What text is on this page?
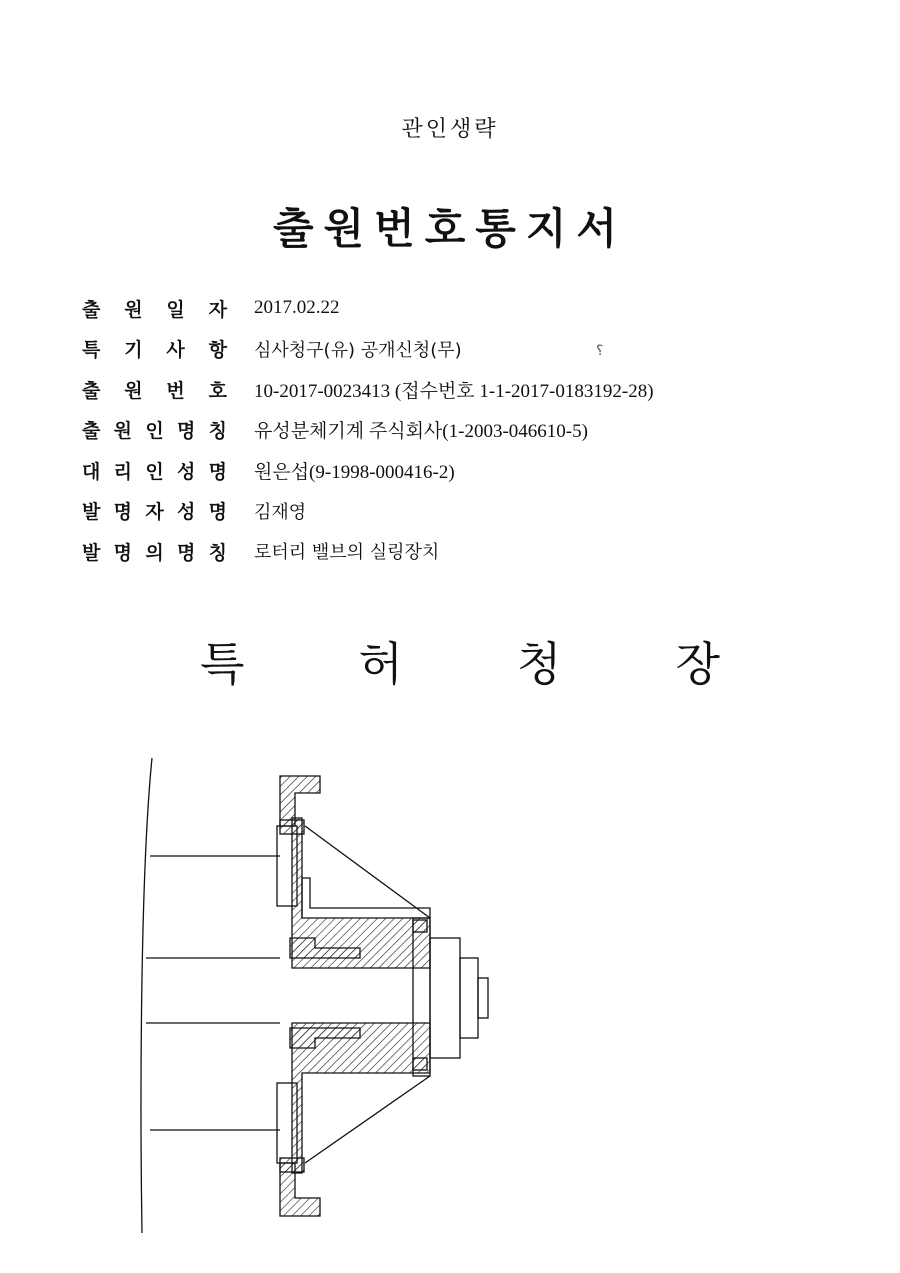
관인생략
출원번호통지서
출 원 일 자 2017.02.22
특 기 사 항 심사청구(유) 공개신청(무)
출 원 번 호 10-2017-0023413 (접수번호 1-1-2017-0183192-28)
출 원 인 명 칭 유성분체기계 주식회사(1-2003-046610-5)
대 리 인 성 명 원은섭(9-1998-000416-2)
발 명 자 성 명 김재영
발 명 의 명 칭 로터리 밸브의 실링장치
⸮
특 허 청 장
